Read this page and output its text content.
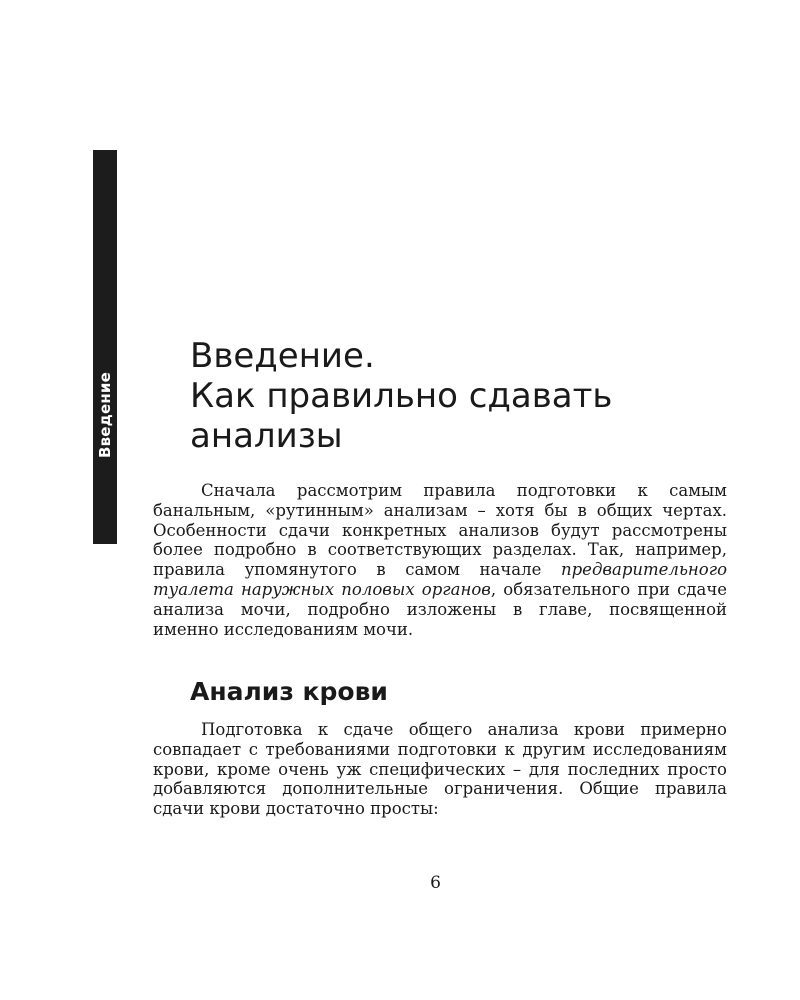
Введение
Введение.
Как правильно сдавать
анализы

Сначала рассмотрим правила подготовки к самым банальным, «рутинным» анализам – хотя бы в общих чертах. Особенности сдачи конкретных анализов будут рассмотрены более подробно в соответствующих разделах. Так, например, правила упомянутого в самом начале предварительного туалета наружных половых органов, обязательного при сдаче анализа мочи, подробно изложены в главе, посвященной именно исследованиям мочи.

Анализ крови

Подготовка к сдаче общего анализа крови примерно совпадает с требованиями подготовки к другим исследованиям крови, кроме очень уж специфических – для последних просто добавляются дополнительные ограничения. Общие правила сдачи крови достаточно просты:

6
